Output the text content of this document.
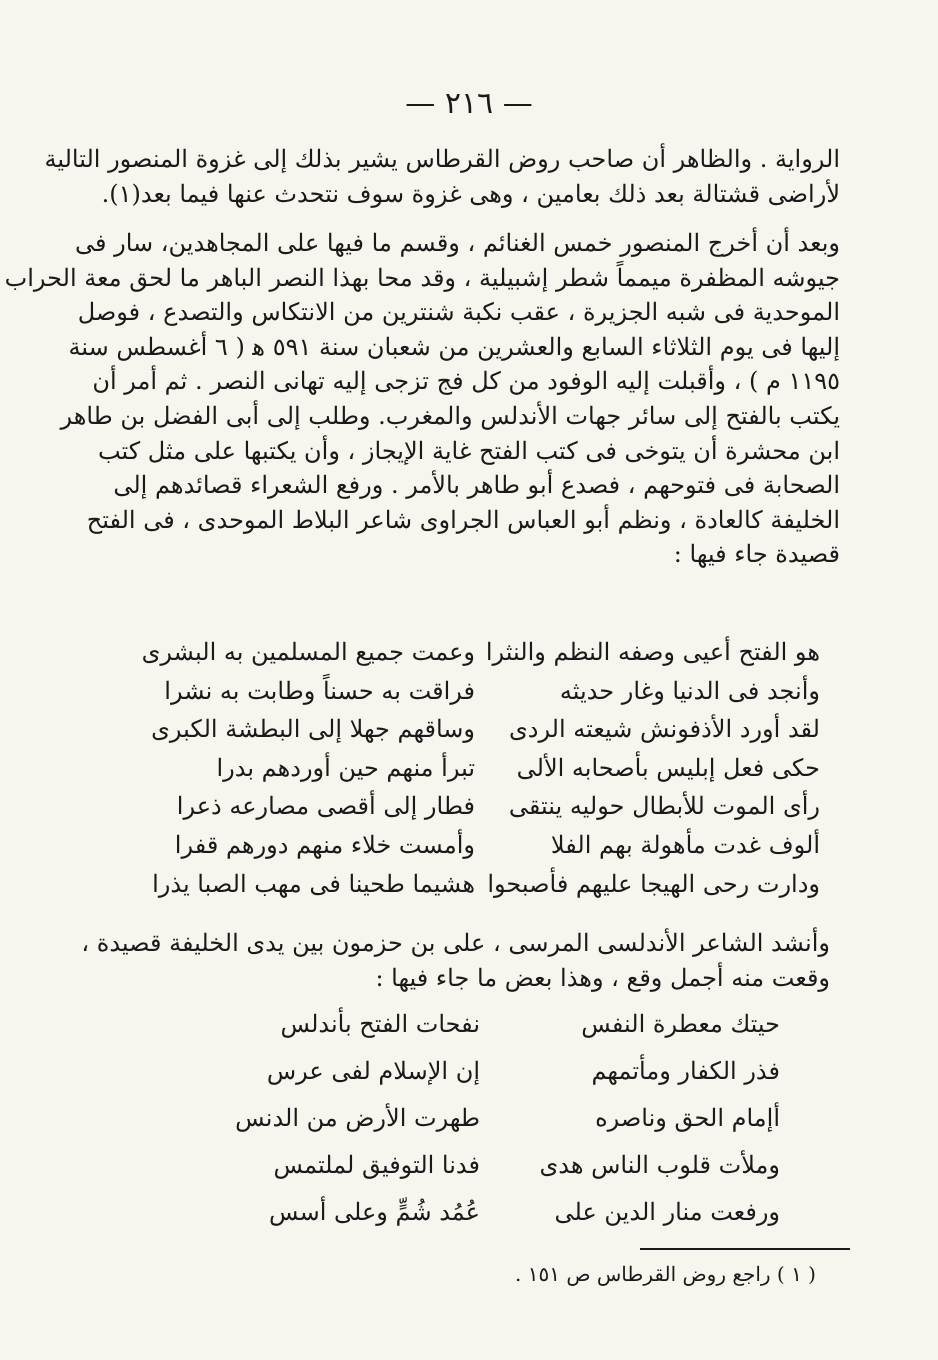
— ٢١٦ —
الرواية . والظاهر أن صاحب روض القرطاس يشير بذلك إلى غزوة المنصور التالية
لأراضى قشتالة بعد ذلك بعامين ، وهى غزوة سوف نتحدث عنها فيما بعد(١).
وبعد أن أخرج المنصور خمس الغنائم ، وقسم ما فيها على المجاهدين، سار فى
جيوشه المظفرة ميمماً شطر إشبيلية ، وقد محا بهذا النصر الباهر ما لحق معة الحراب
الموحدية فى شبه الجزيرة ، عقب نكبة شنترين من الانتكاس والتصدع ، فوصل
إليها فى يوم الثلاثاء السابع والعشرين من شعبان سنة ٥٩١ ﻫ ( ٦ أغسطس سنة
١١٩٥ م ) ، وأقبلت إليه الوفود من كل فج تزجى إليه تهانى النصر . ثم أمر أن
يكتب بالفتح إلى سائر جهات الأندلس والمغرب. وطلب إلى أبى الفضل بن طاهر
ابن محشرة أن يتوخى فى كتب الفتح غاية الإيجاز ، وأن يكتبها على مثل كتب
الصحابة فى فتوحهم ، فصدع أبو طاهر بالأمر . ورفع الشعراء قصائدهم إلى
الخليفة كالعادة ، ونظم أبو العباس الجراوى شاعر البلاط الموحدى ، فى الفتح
قصيدة جاء فيها :
هو الفتح أعيى وصفه النظم والنثرا
وعمت جميع المسلمين به البشرى
وأنجد فى الدنيا وغار حديثه
فراقت به حسناً وطابت به نشرا
لقد أورد الأذفونش شيعته الردى
وساقهم جهلا إلى البطشة الكبرى
حكى فعل إبليس بأصحابه الألى
تبرأ منهم حين أوردهم بدرا
رأى الموت للأبطال حوليه ينتقى
فطار إلى أقصى مصارعه ذعرا
ألوف غدت مأهولة بهم الفلا
وأمست خلاء منهم دورهم قفرا
ودارت رحى الهيجا عليهم فأصبحوا
هشيما طحينا فى مهب الصبا يذرا
وأنشد الشاعر الأندلسى المرسى ، على بن حزمون بين يدى الخليفة قصيدة ،
وقعت منه أجمل وقع ، وهذا بعض ما جاء فيها :
حيتك معطرة النفس
نفحات الفتح بأندلس
فذر الكفار ومأتمهم
إن الإسلام لفى عرس
أإمام الحق وناصره
طهرت الأرض من الدنس
وملأت قلوب الناس هدى
فدنا التوفيق لملتمس
ورفعت منار الدين على
عُمُد شُمٍّ وعلى أسس
( ١ ) راجع روض القرطاس ص ١٥١ .
